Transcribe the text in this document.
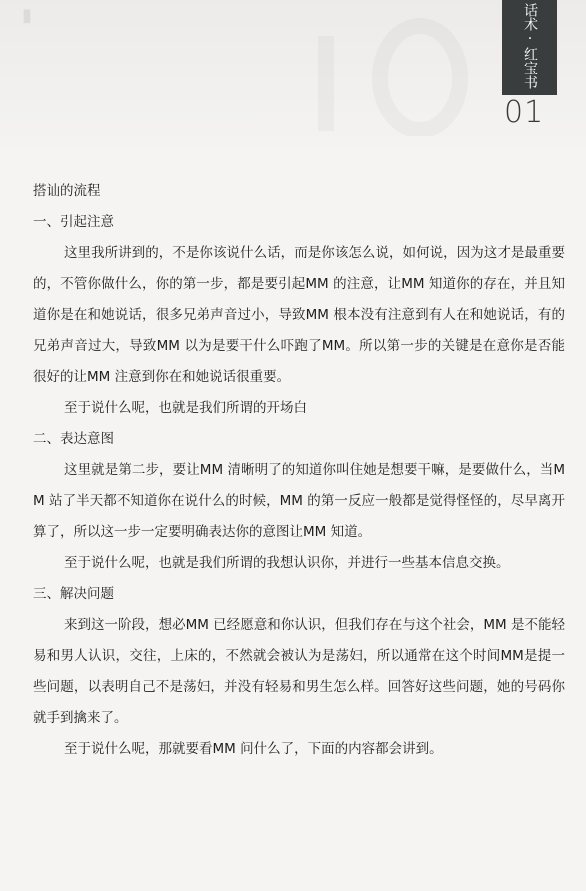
▮	话术·红宝书
01

搭讪的流程

一、引起注意

这里我所讲到的，不是你该说什么话，而是你该怎么说，如何说，因为这才是最重要的，不管你做什么，你的第一步，都是要引起MM 的注意，让MM 知道你的存在，并且知道你是在和她说话，很多兄弟声音过小，导致MM 根本没有注意到有人在和她说话，有的兄弟声音过大，导致MM 以为是要干什么吓跑了MM。所以第一步的关键是在意你是否能很好的让MM 注意到你在和她说话很重要。

至于说什么呢，也就是我们所谓的开场白

二、表达意图

这里就是第二步，要让MM 清晰明了的知道你叫住她是想要干嘛，是要做什么，当MM 站了半天都不知道你在说什么的时候，MM 的第一反应一般都是觉得怪怪的，尽早离开算了，所以这一步一定要明确表达你的意图让MM 知道。

至于说什么呢，也就是我们所谓的我想认识你，并进行一些基本信息交换。

三、解决问题

来到这一阶段，想必MM 已经愿意和你认识，但我们存在与这个社会，MM 是不能轻易和男人认识，交往，上床的，不然就会被认为是荡妇，所以通常在这个时间MM是提一些问题，以表明自己不是荡妇，并没有轻易和男生怎么样。回答好这些问题，她的号码你就手到擒来了。

至于说什么呢，那就要看MM 问什么了，下面的内容都会讲到。
